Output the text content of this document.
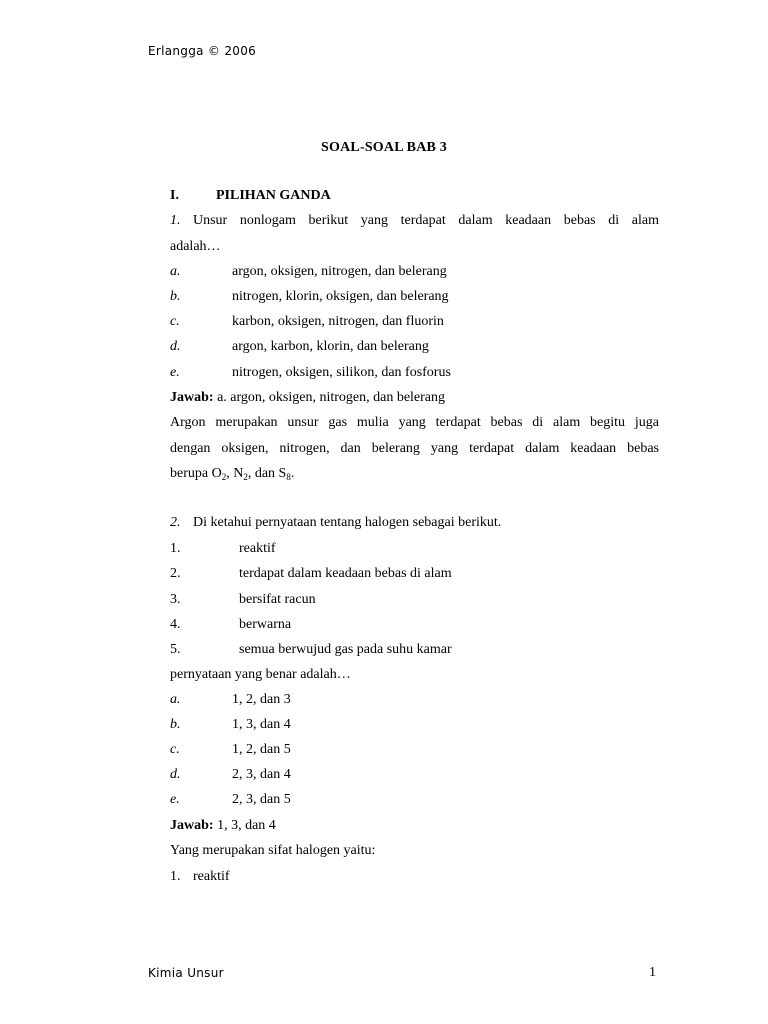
Erlangga © 2006
SOAL-SOAL BAB 3
I.	PILIHAN GANDA
1. Unsur nonlogam berikut yang terdapat dalam keadaan bebas di alam
adalah…
a.	argon, oksigen, nitrogen, dan belerang
b.	nitrogen, klorin, oksigen, dan belerang
c.	karbon, oksigen, nitrogen, dan fluorin
d.	argon, karbon, klorin, dan belerang
e.	nitrogen, oksigen, silikon, dan fosforus
Jawab: a. argon, oksigen, nitrogen, dan belerang
Argon merupakan unsur gas mulia yang terdapat bebas di alam begitu juga
dengan oksigen, nitrogen, dan belerang yang terdapat dalam keadaan bebas
berupa $O_2$, $N_2$, dan $S_8$.
2. Di ketahui pernyataan tentang halogen sebagai berikut.
1.	reaktif
2.	terdapat dalam keadaan bebas di alam
3.	bersifat racun
4.	berwarna
5.	semua berwujud gas pada suhu kamar
pernyataan yang benar adalah…
a.	1, 2, dan 3
b.	1, 3, dan 4
c.	1, 2, dan 5
d.	2, 3, dan 4
e.	2, 3, dan 5
Jawab: 1, 3, dan 4
Yang merupakan sifat halogen yaitu:
1. reaktif
Kimia Unsur	1
